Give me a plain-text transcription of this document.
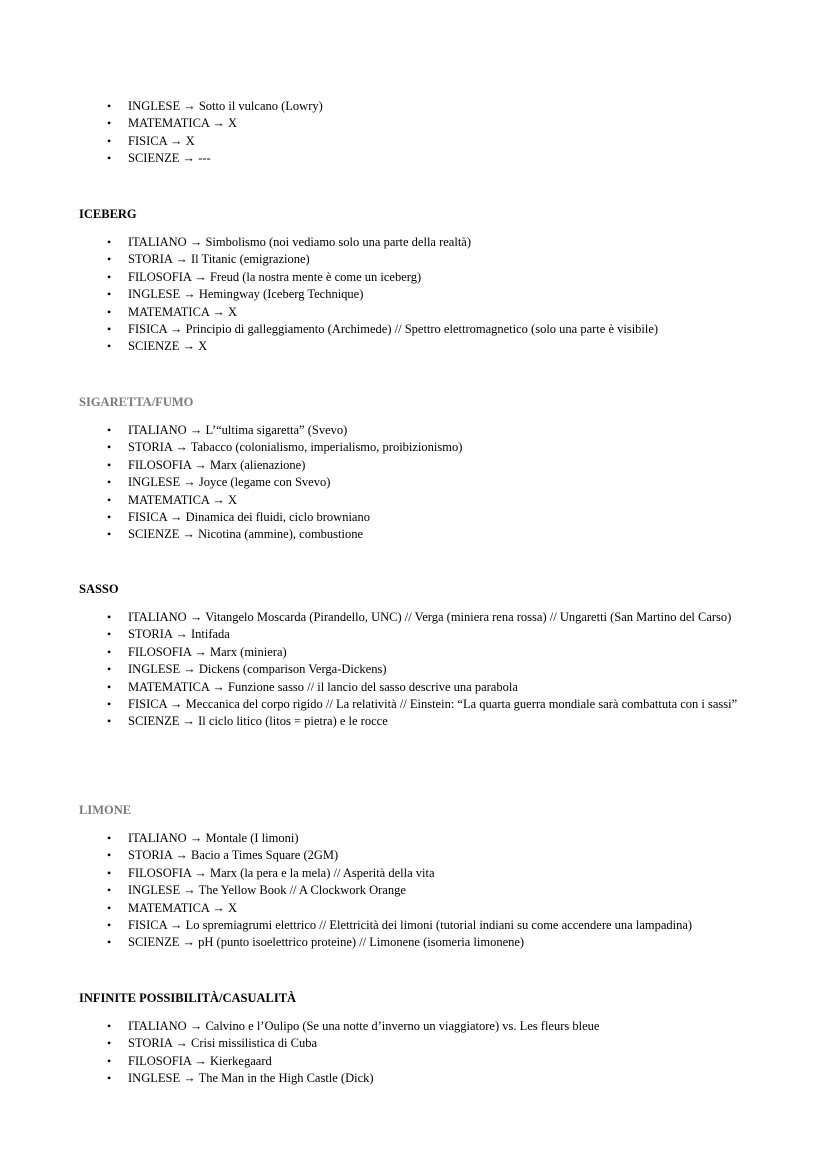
• INGLESE → Sotto il vulcano (Lowry)
• MATEMATICA → X
• FISICA → X
• SCIENZE → ---
ICEBERG
• ITALIANO → Simbolismo (noi vediamo solo una parte della realtà)
• STORIA → Il Titanic (emigrazione)
• FILOSOFIA → Freud (la nostra mente è come un iceberg)
• INGLESE → Hemingway (Iceberg Technique)
• MATEMATICA → X
• FISICA → Principio di galleggiamento (Archimede) // Spettro elettromagnetico (solo una parte è visibile)
• SCIENZE → X
SIGARETTA/FUMO
• ITALIANO → L’“ultima sigaretta” (Svevo)
• STORIA → Tabacco (colonialismo, imperialismo, proibizionismo)
• FILOSOFIA → Marx (alienazione)
• INGLESE → Joyce (legame con Svevo)
• MATEMATICA → X
• FISICA → Dinamica dei fluidi, ciclo browniano
• SCIENZE → Nicotina (ammine), combustione
SASSO
• ITALIANO → Vitangelo Moscarda (Pirandello, UNC) // Verga (miniera rena rossa) // Ungaretti (San Martino del Carso)
• STORIA → Intifada
• FILOSOFIA → Marx (miniera)
• INGLESE → Dickens (comparison Verga-Dickens)
• MATEMATICA → Funzione sasso // il lancio del sasso descrive una parabola
• FISICA → Meccanica del corpo rigido // La relatività // Einstein: “La quarta guerra mondiale sarà combattuta con i sassi”
• SCIENZE → Il ciclo litico (litos = pietra) e le rocce
LIMONE
• ITALIANO → Montale (I limoni)
• STORIA → Bacio a Times Square (2GM)
• FILOSOFIA → Marx (la pera e la mela) // Asperità della vita
• INGLESE → The Yellow Book // A Clockwork Orange
• MATEMATICA → X
• FISICA → Lo spremiagrumi elettrico // Elettricità dei limoni (tutorial indiani su come accendere una lampadina)
• SCIENZE → pH (punto isoelettrico proteine) // Limonene (isomeria limonene)
INFINITE POSSIBILITÀ/CASUALITÀ
• ITALIANO → Calvino e l’Oulipo (Se una notte d’inverno un viaggiatore) vs. Les fleurs bleue
• STORIA → Crisi missilistica di Cuba
• FILOSOFIA → Kierkegaard
• INGLESE → The Man in the High Castle (Dick)
